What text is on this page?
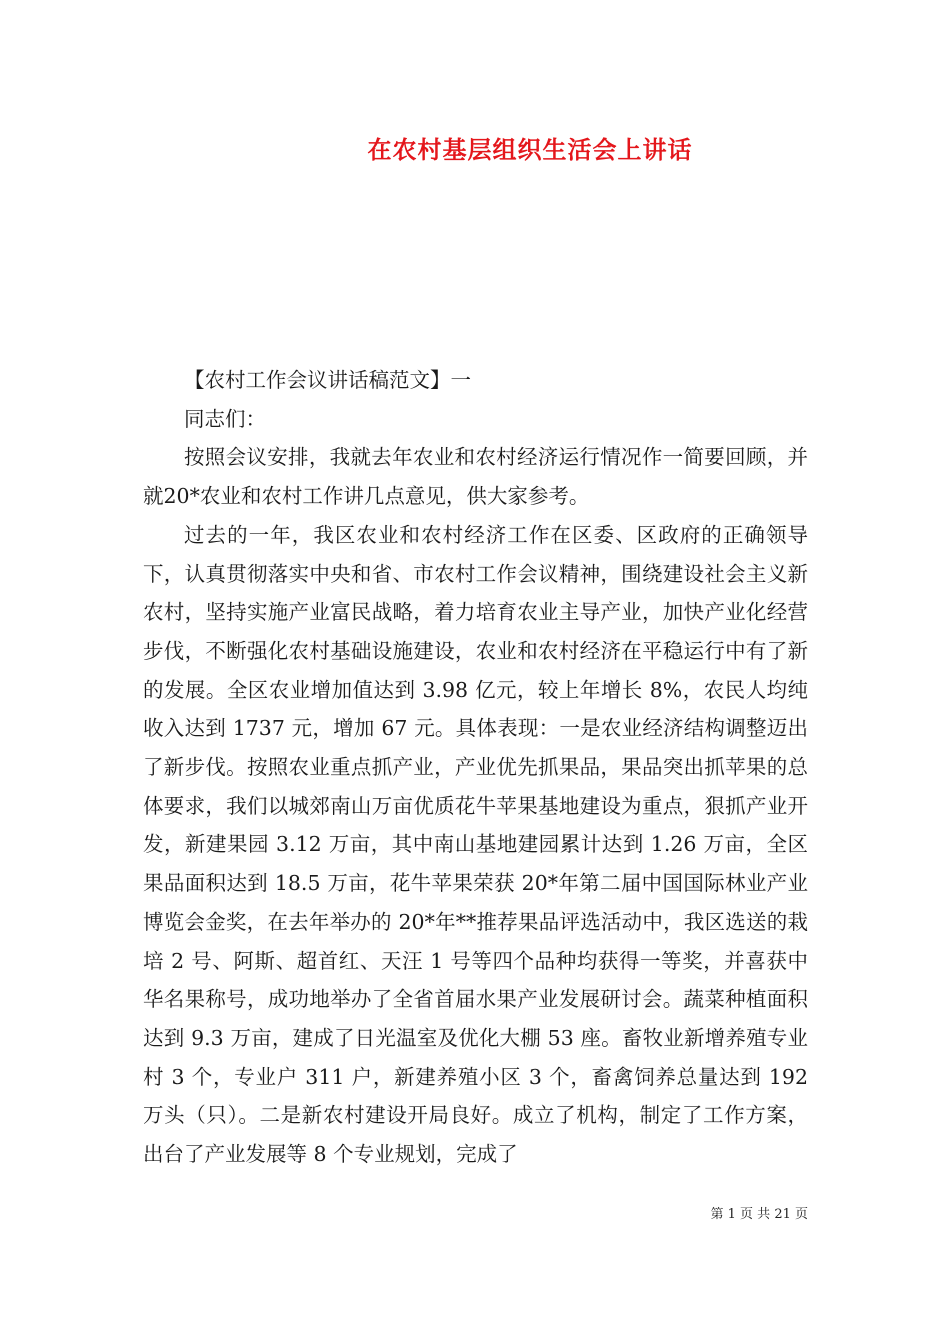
在农村基层组织生活会上讲话

【农村工作会议讲话稿范文】一

同志们：

按照会议安排，我就去年农业和农村经济运行情况作一简要回顾，并就20*农业和农村工作讲几点意见，供大家参考。

过去的一年，我区农业和农村经济工作在区委、区政府的正确领导下，认真贯彻落实中央和省、市农村工作会议精神，围绕建设社会主义新农村，坚持实施产业富民战略，着力培育农业主导产业，加快产业化经营步伐，不断强化农村基础设施建设，农业和农村经济在平稳运行中有了新的发展。全区农业增加值达到 3.98 亿元，较上年增长 8%，农民人均纯收入达到 1737 元，增加 67 元。具体表现：一是农业经济结构调整迈出了新步伐。按照农业重点抓产业，产业优先抓果品，果品突出抓苹果的总体要求，我们以城郊南山万亩优质花牛苹果基地建设为重点，狠抓产业开发，新建果园 3.12 万亩，其中南山基地建园累计达到 1.26 万亩，全区果品面积达到 18.5 万亩，花牛苹果荣获 20*年第二届中国国际林业产业博览会金奖，在去年举办的 20*年**推荐果品评选活动中，我区选送的栽培 2 号、阿斯、超首红、天汪 1 号等四个品种均获得一等奖，并喜获中华名果称号，成功地举办了全省首届水果产业发展研讨会。蔬菜种植面积达到 9.3 万亩，建成了日光温室及优化大棚 53 座。畜牧业新增养殖专业村 3 个，专业户 311 户，新建养殖小区 3 个，畜禽饲养总量达到 192 万头（只）。二是新农村建设开局良好。成立了机构，制定了工作方案，出台了产业发展等 8 个专业规划，完成了

第 1 页 共 21 页
